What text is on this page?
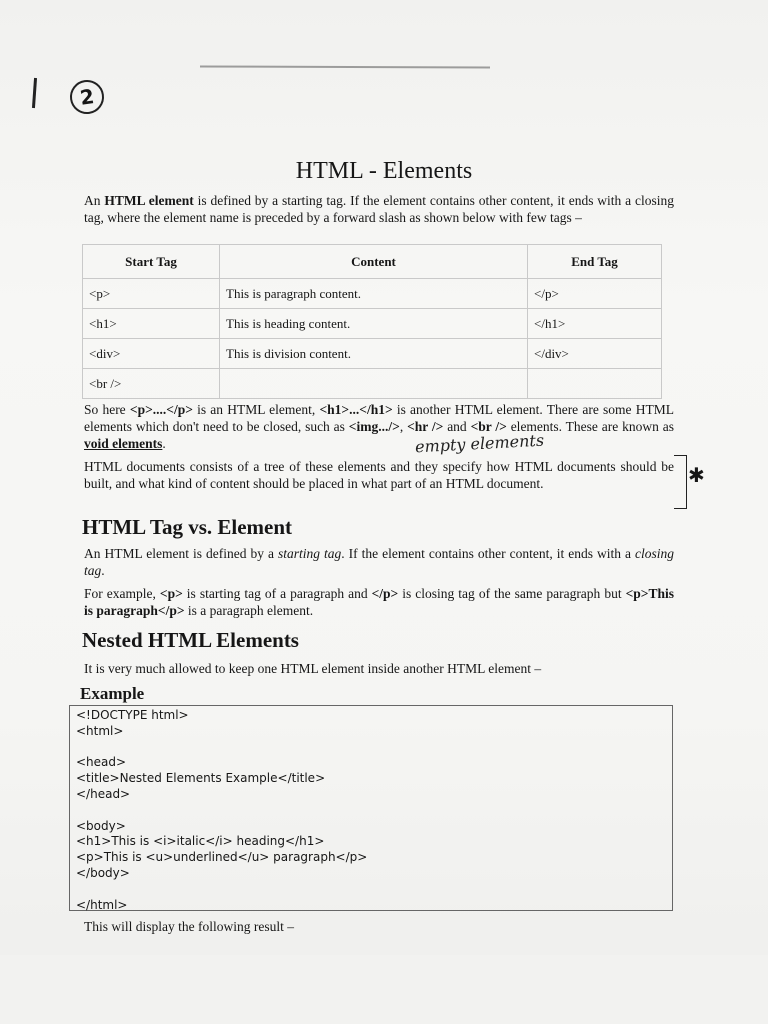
2
HTML - Elements

An HTML element is defined by a starting tag. If the element contains other content, it ends with a closing tag, where the element name is preceded by a forward slash as shown below with few tags –

Start Tag	Content	End Tag
<p>	This is paragraph content.	</p>
<h1>	This is heading content.	</h1>
<div>	This is division content.	</div>
<br />		

So here <p>....</p> is an HTML element, <h1>...</h1> is another HTML element. There are some HTML elements which don't need to be closed, such as <img.../>, <hr /> and <br /> elements. These are known as void elements.	empty elements

HTML documents consists of a tree of these elements and they specify how HTML documents should be built, and what kind of content should be placed in what part of an HTML document.	✱
HTML Tag vs. Element

An HTML element is defined by a starting tag. If the element contains other content, it ends with a closing tag.

For example, <p> is starting tag of a paragraph and </p> is closing tag of the same paragraph but <p>This is paragraph</p> is a paragraph element.

Nested HTML Elements

It is very much allowed to keep one HTML element inside another HTML element –

Example
<!DOCTYPE html>
<html>
<head>
<title>Nested Elements Example</title>
</head>
<body>
<h1>This is <i>italic</i> heading</h1>
<p>This is <u>underlined</u> paragraph</p>
</body>
</html>

This will display the following result –
